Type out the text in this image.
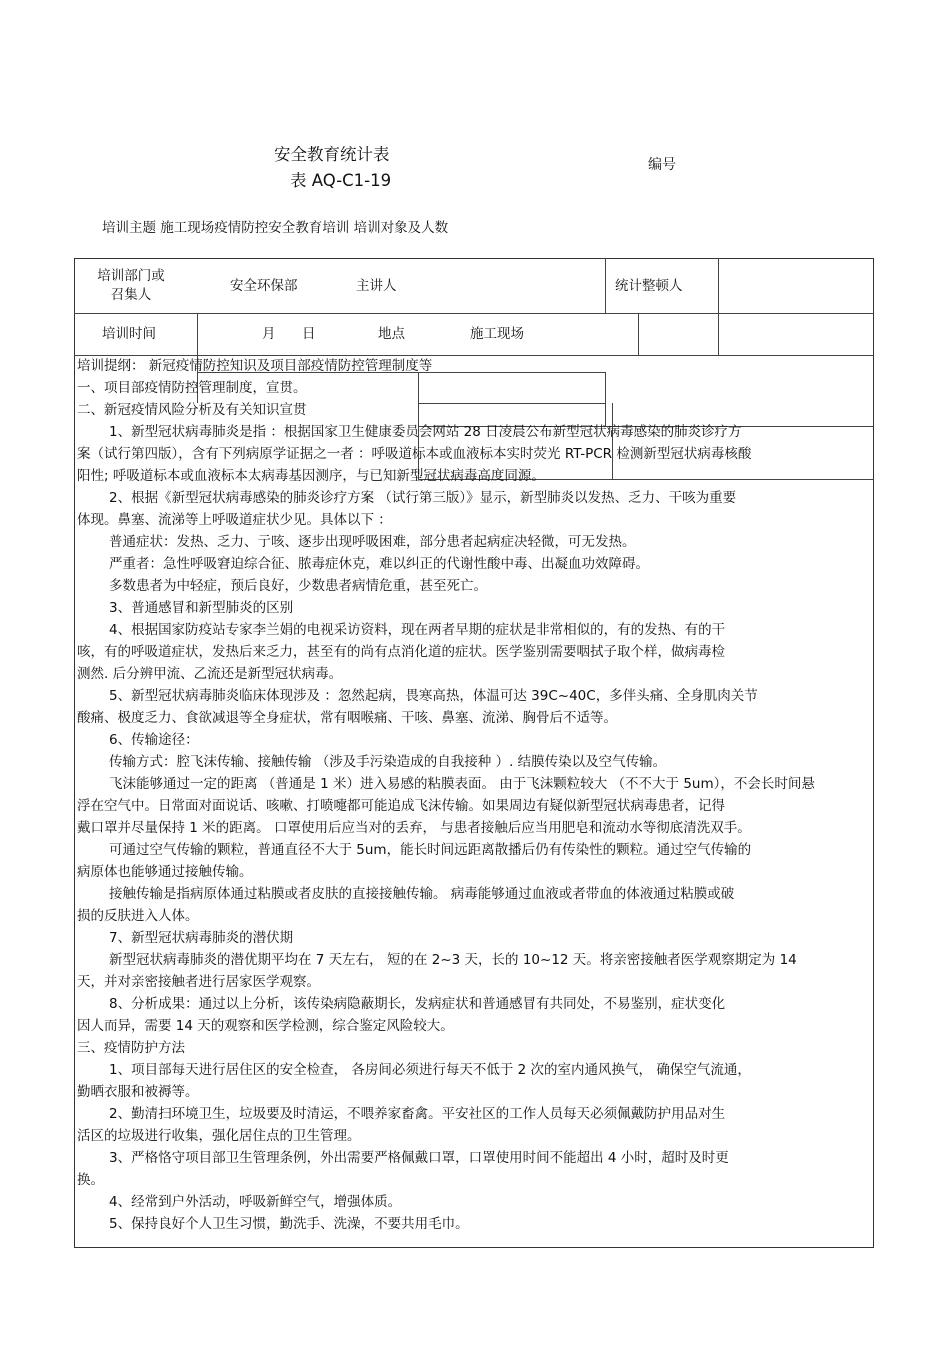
安全教育统计表
表 AQ-C1-19
编号
培训主题 施工现场疫情防控安全教育培训 培训对象及人数
培训部门或
召集人
安全环保部	主讲人	统计整顿人
培训时间	月 日	地点	施工现场
培训提纲： 新冠疫情防控知识及项目部疫情防控管理制度等
一、项目部疫情防控管理制度，宣贯。
二、新冠疫情风险分析及有关知识宣贯
1、新型冠状病毒肺炎是指 ：根据国家卫生健康委员会网站 28 日凌晨公布新型冠状病毒感染的肺炎诊疗方
案（试行第四版），含有下列病原学证据之一者 ：呼吸道标本或血液标本实时荧光 RT-PCR 检测新型冠状病毒核酸
阳性; 呼吸道标本或血液标本太病毒基因测序，与已知新型冠状病毒高度同源。
2、根据《新型冠状病毒感染的肺炎诊疗方案 （试行第三版）》显示，新型肺炎以发热、乏力、干咳为重要
体现。鼻塞、流涕等上呼吸道症状少见。具体以下 ：
普通症状：发热、乏力、亍咳、逐步出现呼吸困难，部分患者起病症决轻微，可无发热。
严重者：急性呼吸窘迫综合征、脓毒症休克，难以纠正的代谢性酸中毒、出凝血功效障碍。
多数患者为中轻症，预后良好，少数患者病情危重，甚至死亡。
3、普通感冒和新型肺炎的区别
4、根据国家防疫站专家李兰娟的电视采访资料，现在两者早期的症状是非常相似的，有的发热、有的干
咳，有的呼吸道症状，发热后来乏力，甚至有的尚有点消化道的症状。医学鉴别需要咽拭子取个样，做病毒检
测然. 后分辨甲流、乙流还是新型冠状病毒。
5、新型冠状病毒肺炎临床体现涉及 ：忽然起病，畏寒高热，体温可达 39C~40C，多伴头痛、全身肌肉关节
酸痛、极度乏力、食欲减退等全身症状，常有咽喉痛、干咳、鼻塞、流涕、胸骨后不适等。
6、传输途径：
传输方式：腔飞沫传输、接触传输 （涉及手污染造成的自我接种 ）. 结膜传染以及空气传输。
飞沫能够通过一定的距离 （普通是 1 米）进入易感的粘膜表面。 由于飞沫颗粒较大 （不不大于 5um），不会长时间悬
浮在空气中。日常面对面说话、咳嗽、打喷嚏都可能追成飞沫传输。如果周边有疑似新型冠状病毒患者，记得
戴口罩并尽量保持 1 米的距离。 口罩使用后应当对的丢弃， 与患者接触后应当用肥皂和流动水等彻底清洗双手。
可通过空气传输的颗粒，普通直径不大于 5um，能长时间远距离散播后仍有传染性的颗粒。通过空气传输的
病原体也能够通过接触传输。
接触传输是指病原体通过粘膜或者皮肤的直接接触传输。 病毒能够通过血液或者带血的体液通过粘膜或破
损的反肤进入人体。
7、新型冠状病毒肺炎的潜伏期
新型冠状病毒肺炎的潜优期平均在 7 天左右， 短的在 2~3 天，长的 10~12 天。将亲密接触者医学观察期定为 14
天，并对亲密接触者进行居家医学观察。
8、分析成果：通过以上分析，该传染病隐蔽期长，发病症状和普通感冒有共同处，不易鉴别，症状变化
因人而异，需要 14 天的观察和医学检测，综合鉴定风险较大。
三、疫情防护方法
1、项目部每天进行居住区的安全检查， 各房间必须进行每天不低于 2 次的室内通风换气， 确保空气流通，
勤晒衣服和被褥等。
2、勤清扫环境卫生，垃圾要及时清运，不喂养家畜禽。平安社区的工作人员每天必须佩戴防护用品对生
活区的垃圾进行收集，强化居住点的卫生管理。
3、严格恪守项目部卫生管理条例，外出需要严格佩戴口罩，口罩使用时间不能超出 4 小时，超时及时更
换。
4、经常到户外活动，呼吸新鲜空气，增强体质。
5、保持良好个人卫生习惯，勤洗手、洗澡，不要共用毛巾。
